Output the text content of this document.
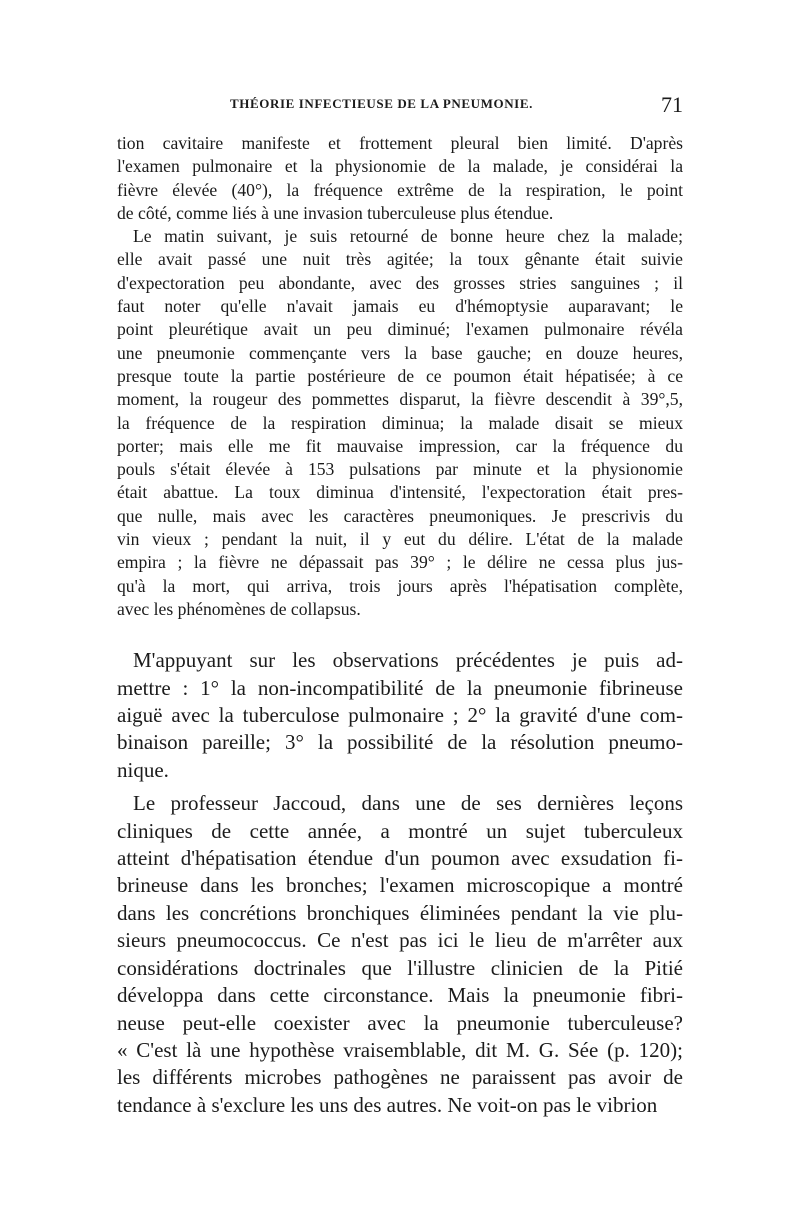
THÉORIE INFECTIEUSE DE LA PNEUMONIE.	71
tion cavitaire manifeste et frottement pleural bien limité. D'après
l'examen pulmonaire et la physionomie de la malade, je considérai la
fièvre élevée (40°), la fréquence extrême de la respiration, le point
de côté, comme liés à une invasion tuberculeuse plus étendue.
Le matin suivant, je suis retourné de bonne heure chez la malade;
elle avait passé une nuit très agitée; la toux gênante était suivie
d'expectoration peu abondante, avec des grosses stries sanguines ; il
faut noter qu'elle n'avait jamais eu d'hémoptysie auparavant; le
point pleurétique avait un peu diminué; l'examen pulmonaire révéla
une pneumonie commençante vers la base gauche; en douze heures,
presque toute la partie postérieure de ce poumon était hépatisée; à ce
moment, la rougeur des pommettes disparut, la fièvre descendit à 39°,5,
la fréquence de la respiration diminua; la malade disait se mieux
porter; mais elle me fit mauvaise impression, car la fréquence du
pouls s'était élevée à 153 pulsations par minute et la physionomie
était abattue. La toux diminua d'intensité, l'expectoration était pres-
que nulle, mais avec les caractères pneumoniques. Je prescrivis du
vin vieux ; pendant la nuit, il y eut du délire. L'état de la malade
empira ; la fièvre ne dépassait pas 39° ; le délire ne cessa plus jus-
qu'à la mort, qui arriva, trois jours après l'hépatisation complète,
avec les phénomènes de collapsus.
M'appuyant sur les observations précédentes je puis ad-
mettre : 1° la non-incompatibilité de la pneumonie fibrineuse
aiguë avec la tuberculose pulmonaire ; 2° la gravité d'une com-
binaison pareille; 3° la possibilité de la résolution pneumo-
nique.
Le professeur Jaccoud, dans une de ses dernières leçons
cliniques de cette année, a montré un sujet tuberculeux
atteint d'hépatisation étendue d'un poumon avec exsudation fi-
brineuse dans les bronches; l'examen microscopique a montré
dans les concrétions bronchiques éliminées pendant la vie plu-
sieurs pneumococcus. Ce n'est pas ici le lieu de m'arrêter aux
considérations doctrinales que l'illustre clinicien de la Pitié
développa dans cette circonstance. Mais la pneumonie fibri-
neuse peut-elle coexister avec la pneumonie tuberculeuse?
« C'est là une hypothèse vraisemblable, dit M. G. Sée (p. 120);
les différents microbes pathogènes ne paraissent pas avoir de
tendance à s'exclure les uns des autres. Ne voit-on pas le vibrion
